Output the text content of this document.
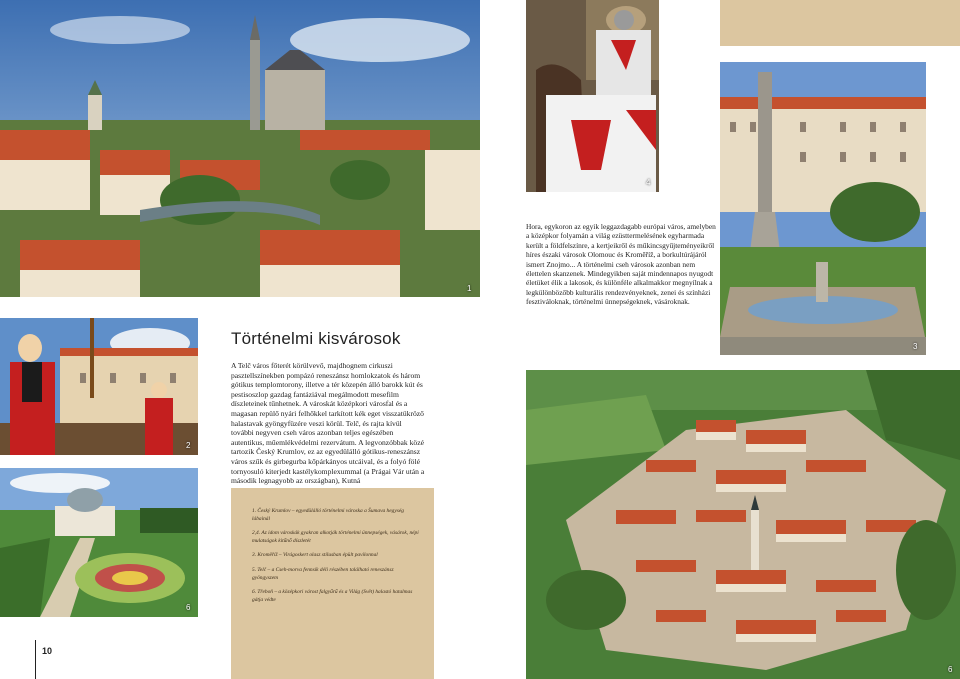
1
4
3
2
Történelmi kisvárosok

A Telč város főterét körülvevő, majdhognem cirkuszi pasztellszínekben pompázó reneszánsz homlokzatok és három gótikus templomtorony, illetve a tér közepén álló barokk kút és pestisoszlop gazdag fantáziával megálmodott mesefilm díszleteinek tűnhetnek. A városkát középkori városfal és a magasan repülő nyári felhőkkel tarkított kék eget visszatükröző halastavak gyöngyfüzére veszi körül. Telč, és rajta kívül további negyven cseh város azonban teljes egészében autentikus, műemlékvédelmi rezervátum. A legvonzóbbak közé tartozik Český Krumlov, ez az egyedülálló gótikus-reneszánsz város szűk és girbegurba kőpárkányos utcáival, és a folyó fölé tornyosuló kiterjedt kastélykomplexummal (a Prágai Vár után a második legnagyobb az országban), Kutná

Hora, egykoron az egyik leggazdagabb európai város, amelyben a középkor folyamán a világ ezüsttermelésének egyharmada került a földfelszínre, a kertjeikről és műkincsgyűjteményeikről híres északi városok Olomouc és Kroměříž, a borkultúrájáról ismert Znojmo... A történelmi cseh városok azonban nem élettelen skanzenek. Mindegyikben saját mindennapos nyugodt életüket élik a lakosok, és különféle alkalmakkor megnyílnak a legkülönbözőbb kulturális rendezvényeknek, zenei és színházi fesztiváloknak, történelmi ünnepségeknek, vásároknak.

6
1. Český Krumlov – egyedülálló történelmi városka a Šumava hegység lábainál
2,4. Az idom városkák gyakran alkotják történelmi ünnepségek, vásárok, népi mulatságok kitűnő díszletét
3. Kroměříž – Virágoskert olasz stílusban épült pavilonnal
5. Telč – a Cseh-morva fennsík déli részében található reneszánsz gyöngyszem
6. Třeboň – a középkori várost falgyűrű és a Világ (Svět) halastó hatalmas gátja védte
6
10
